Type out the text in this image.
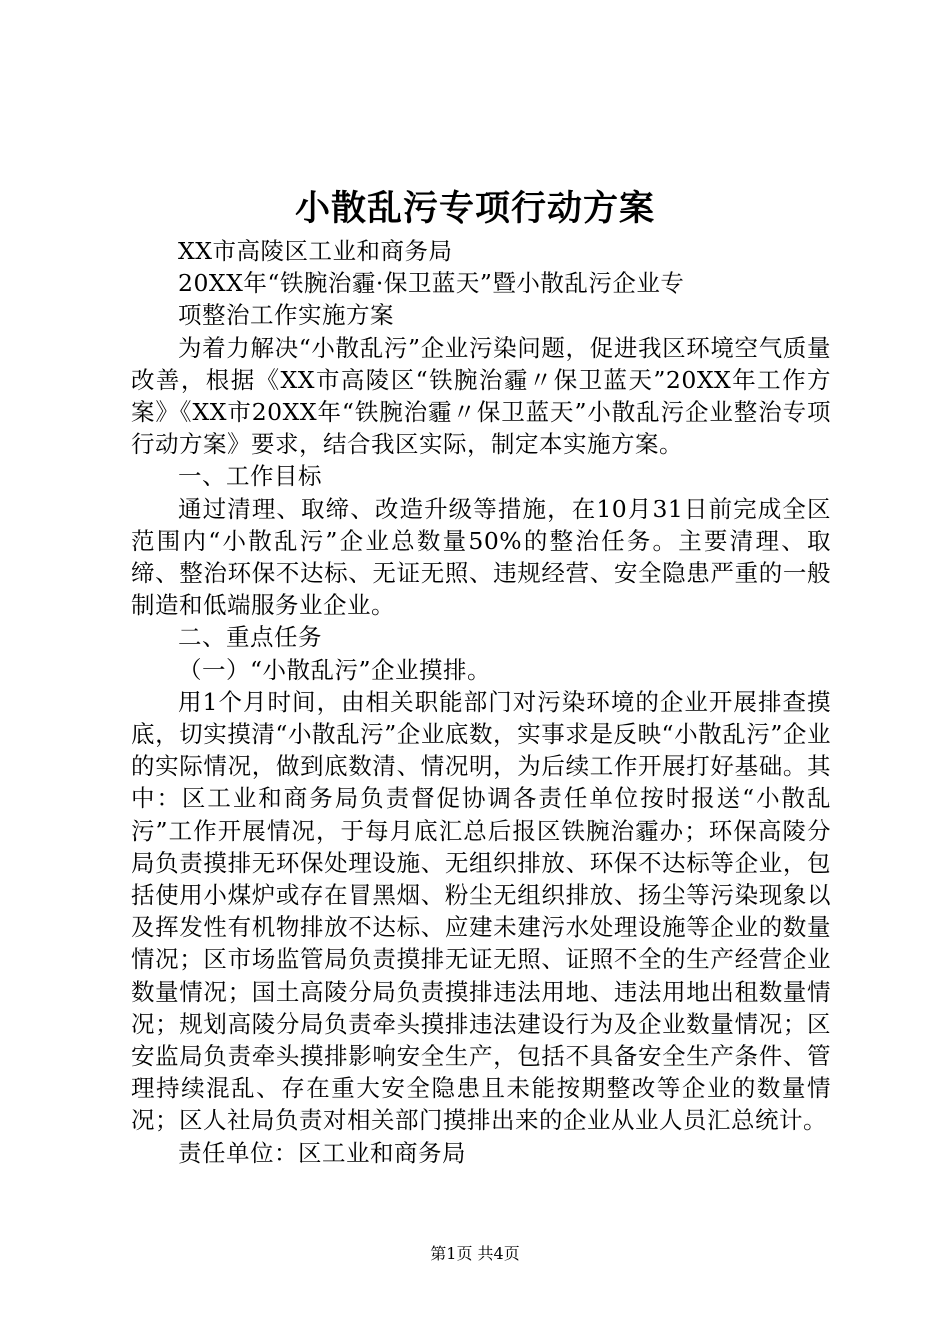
小散乱污专项行动方案

XX市高陵区工业和商务局

20XX年“铁腕治霾·保卫蓝天”暨小散乱污企业专

项整治工作实施方案

为着力解决“小散乱污”企业污染问题，促进我区环境空气质量改善，根据《XX市高陵区“铁腕治霾〃保卫蓝天”20XX年工作方案》《XX市20XX年“铁腕治霾〃保卫蓝天”小散乱污企业整治专项行动方案》要求，结合我区实际，制定本实施方案。

一、工作目标

通过清理、取缔、改造升级等措施，在10月31日前完成全区范围内“小散乱污”企业总数量50%的整治任务。主要清理、取缔、整治环保不达标、无证无照、违规经营、安全隐患严重的一般制造和低端服务业企业。

二、重点任务

（一）“小散乱污”企业摸排。

用1个月时间，由相关职能部门对污染环境的企业开展排查摸底，切实摸清“小散乱污”企业底数，实事求是反映“小散乱污”企业的实际情况，做到底数清、情况明，为后续工作开展打好基础。其中：区工业和商务局负责督促协调各责任单位按时报送“小散乱污”工作开展情况，于每月底汇总后报区铁腕治霾办；环保高陵分局负责摸排无环保处理设施、无组织排放、环保不达标等企业，包括使用小煤炉或存在冒黑烟、粉尘无组织排放、扬尘等污染现象以及挥发性有机物排放不达标、应建未建污水处理设施等企业的数量情况；区市场监管局负责摸排无证无照、证照不全的生产经营企业数量情况；国土高陵分局负责摸排违法用地、违法用地出租数量情况；规划高陵分局负责牵头摸排违法建设行为及企业数量情况；区安监局负责牵头摸排影响安全生产，包括不具备安全生产条件、管理持续混乱、存在重大安全隐患且未能按期整改等企业的数量情况；区人社局负责对相关部门摸排出来的企业从业人员汇总统计。

责任单位：区工业和商务局

第1页 共4页
